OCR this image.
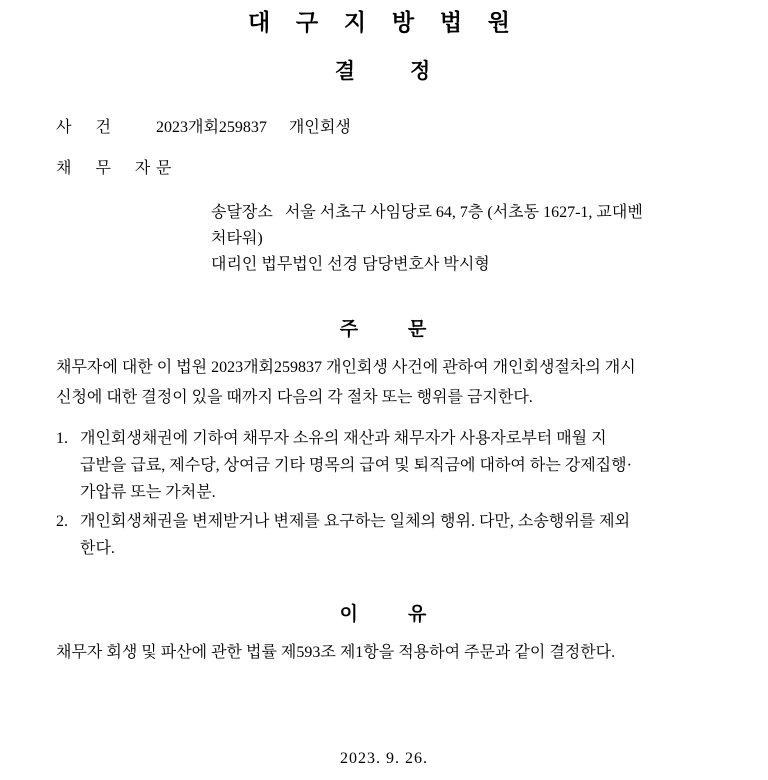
대 구 지 방 법 원
결 정
사 건	2023개회259837 개인회생
채 무 자
문
송달장소 서울 서초구 사임당로 64, 7층 (서초동 1627-1, 교대벤
처타워)
대리인 법무법인 선경 담당변호사 박시형
주	문

채무자에 대한 이 법원 2023개회259837 개인회생 사건에 관하여 개인회생절차의 개시

신청에 대한 결정이 있을 때까지 다음의 각 절차 또는 행위를 금지한다.

1. 개인회생채권에 기하여 채무자 소유의 재산과 채무자가 사용자로부터 매월 지
급받을 급료, 제수당, 상여금 기타 명목의 급여 및 퇴직금에 대하여 하는 강제집행·
가압류 또는 가처분.
2. 개인회생채권을 변제받거나 변제를 요구하는 일체의 행위. 다만, 소송행위를 제외
한다.
이	유

채무자 회생 및 파산에 관한 법률 제593조 제1항을 적용하여 주문과 같이 결정한다.

2023. 9. 26.
